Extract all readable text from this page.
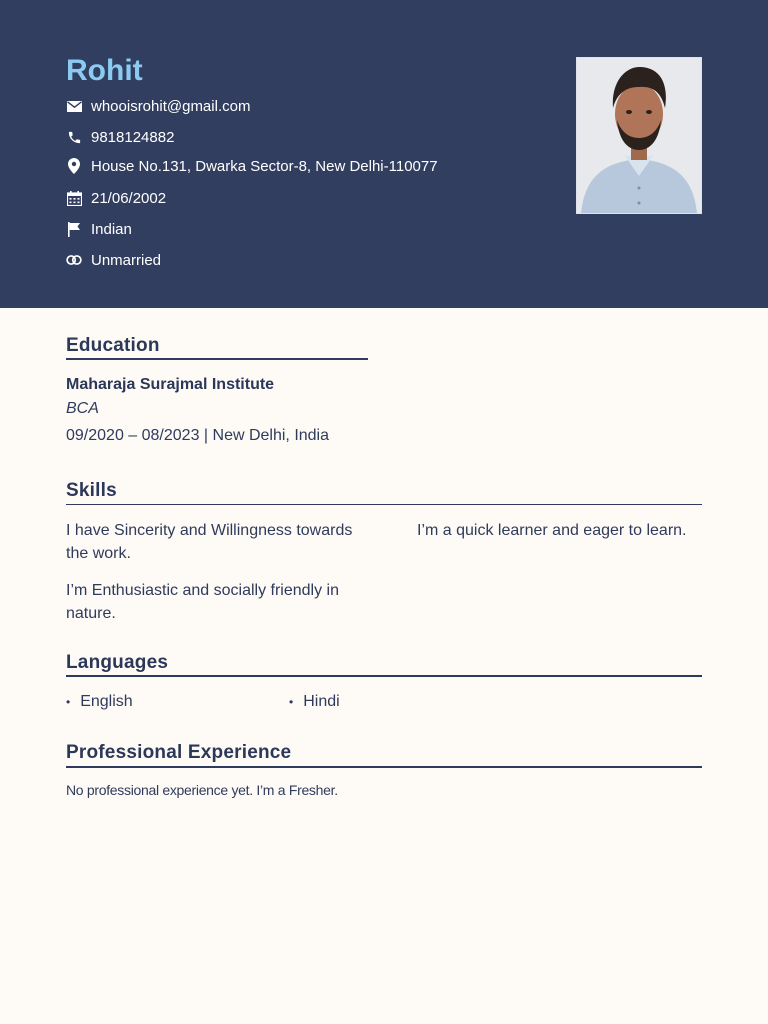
Rohit
whooisrohit@gmail.com
9818124882
House No.131, Dwarka Sector-8, New Delhi-110077
21/06/2002
Indian
Unmarried
Education
Maharaja Surajmal Institute
BCA
09/2020 – 08/2023 | New Delhi, India
Skills
I have Sincerity and Willingness towards the work.
I’m a quick learner and eager to learn.
I’m Enthusiastic and socially friendly in nature.
Languages
• English	• Hindi
Professional Experience
No professional experience yet. I’m a Fresher.
